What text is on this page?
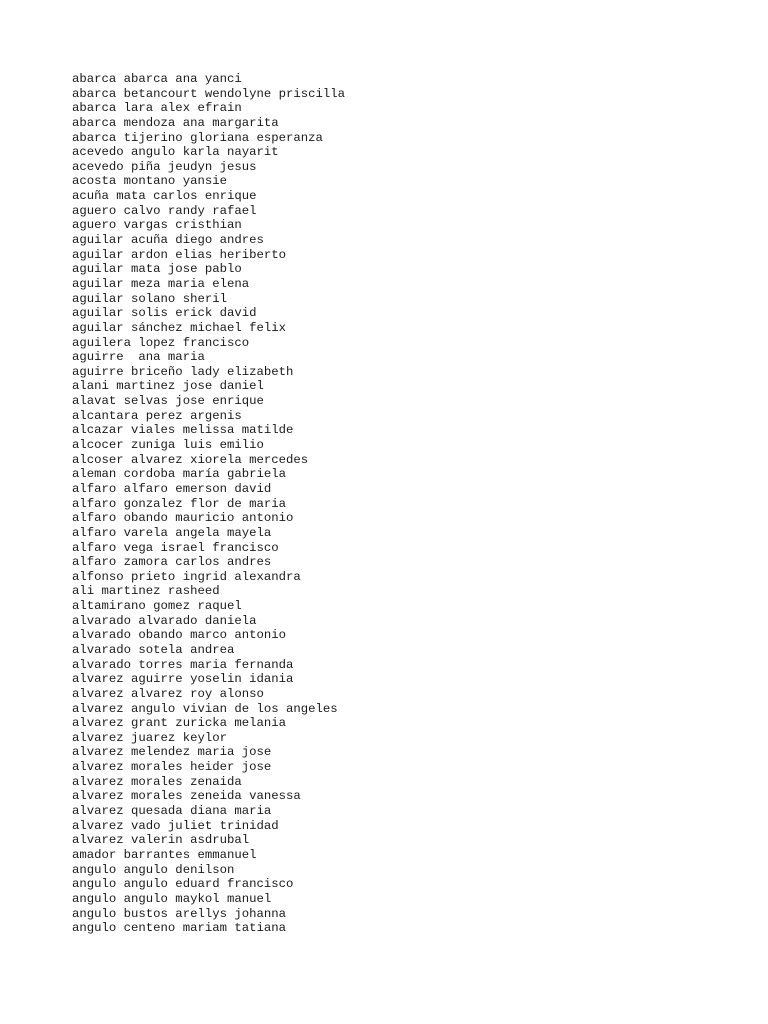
abarca abarca ana yanci
abarca betancourt wendolyne priscilla
abarca lara alex efrain
abarca mendoza ana margarita
abarca tijerino gloriana esperanza
acevedo angulo karla nayarit
acevedo piña jeudyn jesus
acosta montano yansie
acuña mata carlos enrique
aguero calvo randy rafael
aguero vargas cristhian
aguilar acuña diego andres
aguilar ardon elias heriberto
aguilar mata jose pablo
aguilar meza maria elena
aguilar solano sheril
aguilar solis erick david
aguilar sánchez michael felix
aguilera lopez francisco
aguirre  ana maria
aguirre briceño lady elizabeth
alani martinez jose daniel
alavat selvas jose enrique
alcantara perez argenis
alcazar viales melissa matilde
alcocer zuniga luis emilio
alcoser alvarez xiorela mercedes
aleman cordoba maría gabriela
alfaro alfaro emerson david
alfaro gonzalez flor de maria
alfaro obando mauricio antonio
alfaro varela angela mayela
alfaro vega israel francisco
alfaro zamora carlos andres
alfonso prieto ingrid alexandra
ali martinez rasheed
altamirano gomez raquel
alvarado alvarado daniela
alvarado obando marco antonio
alvarado sotela andrea
alvarado torres maria fernanda
alvarez aguirre yoselin idania
alvarez alvarez roy alonso
alvarez angulo vivian de los angeles
alvarez grant zuricka melania
alvarez juarez keylor
alvarez melendez maria jose
alvarez morales heider jose
alvarez morales zenaida
alvarez morales zeneida vanessa
alvarez quesada diana maria
alvarez vado juliet trinidad
alvarez valerin asdrubal
amador barrantes emmanuel
angulo angulo denilson
angulo angulo eduard francisco
angulo angulo maykol manuel
angulo bustos arellys johanna
angulo centeno mariam tatiana
